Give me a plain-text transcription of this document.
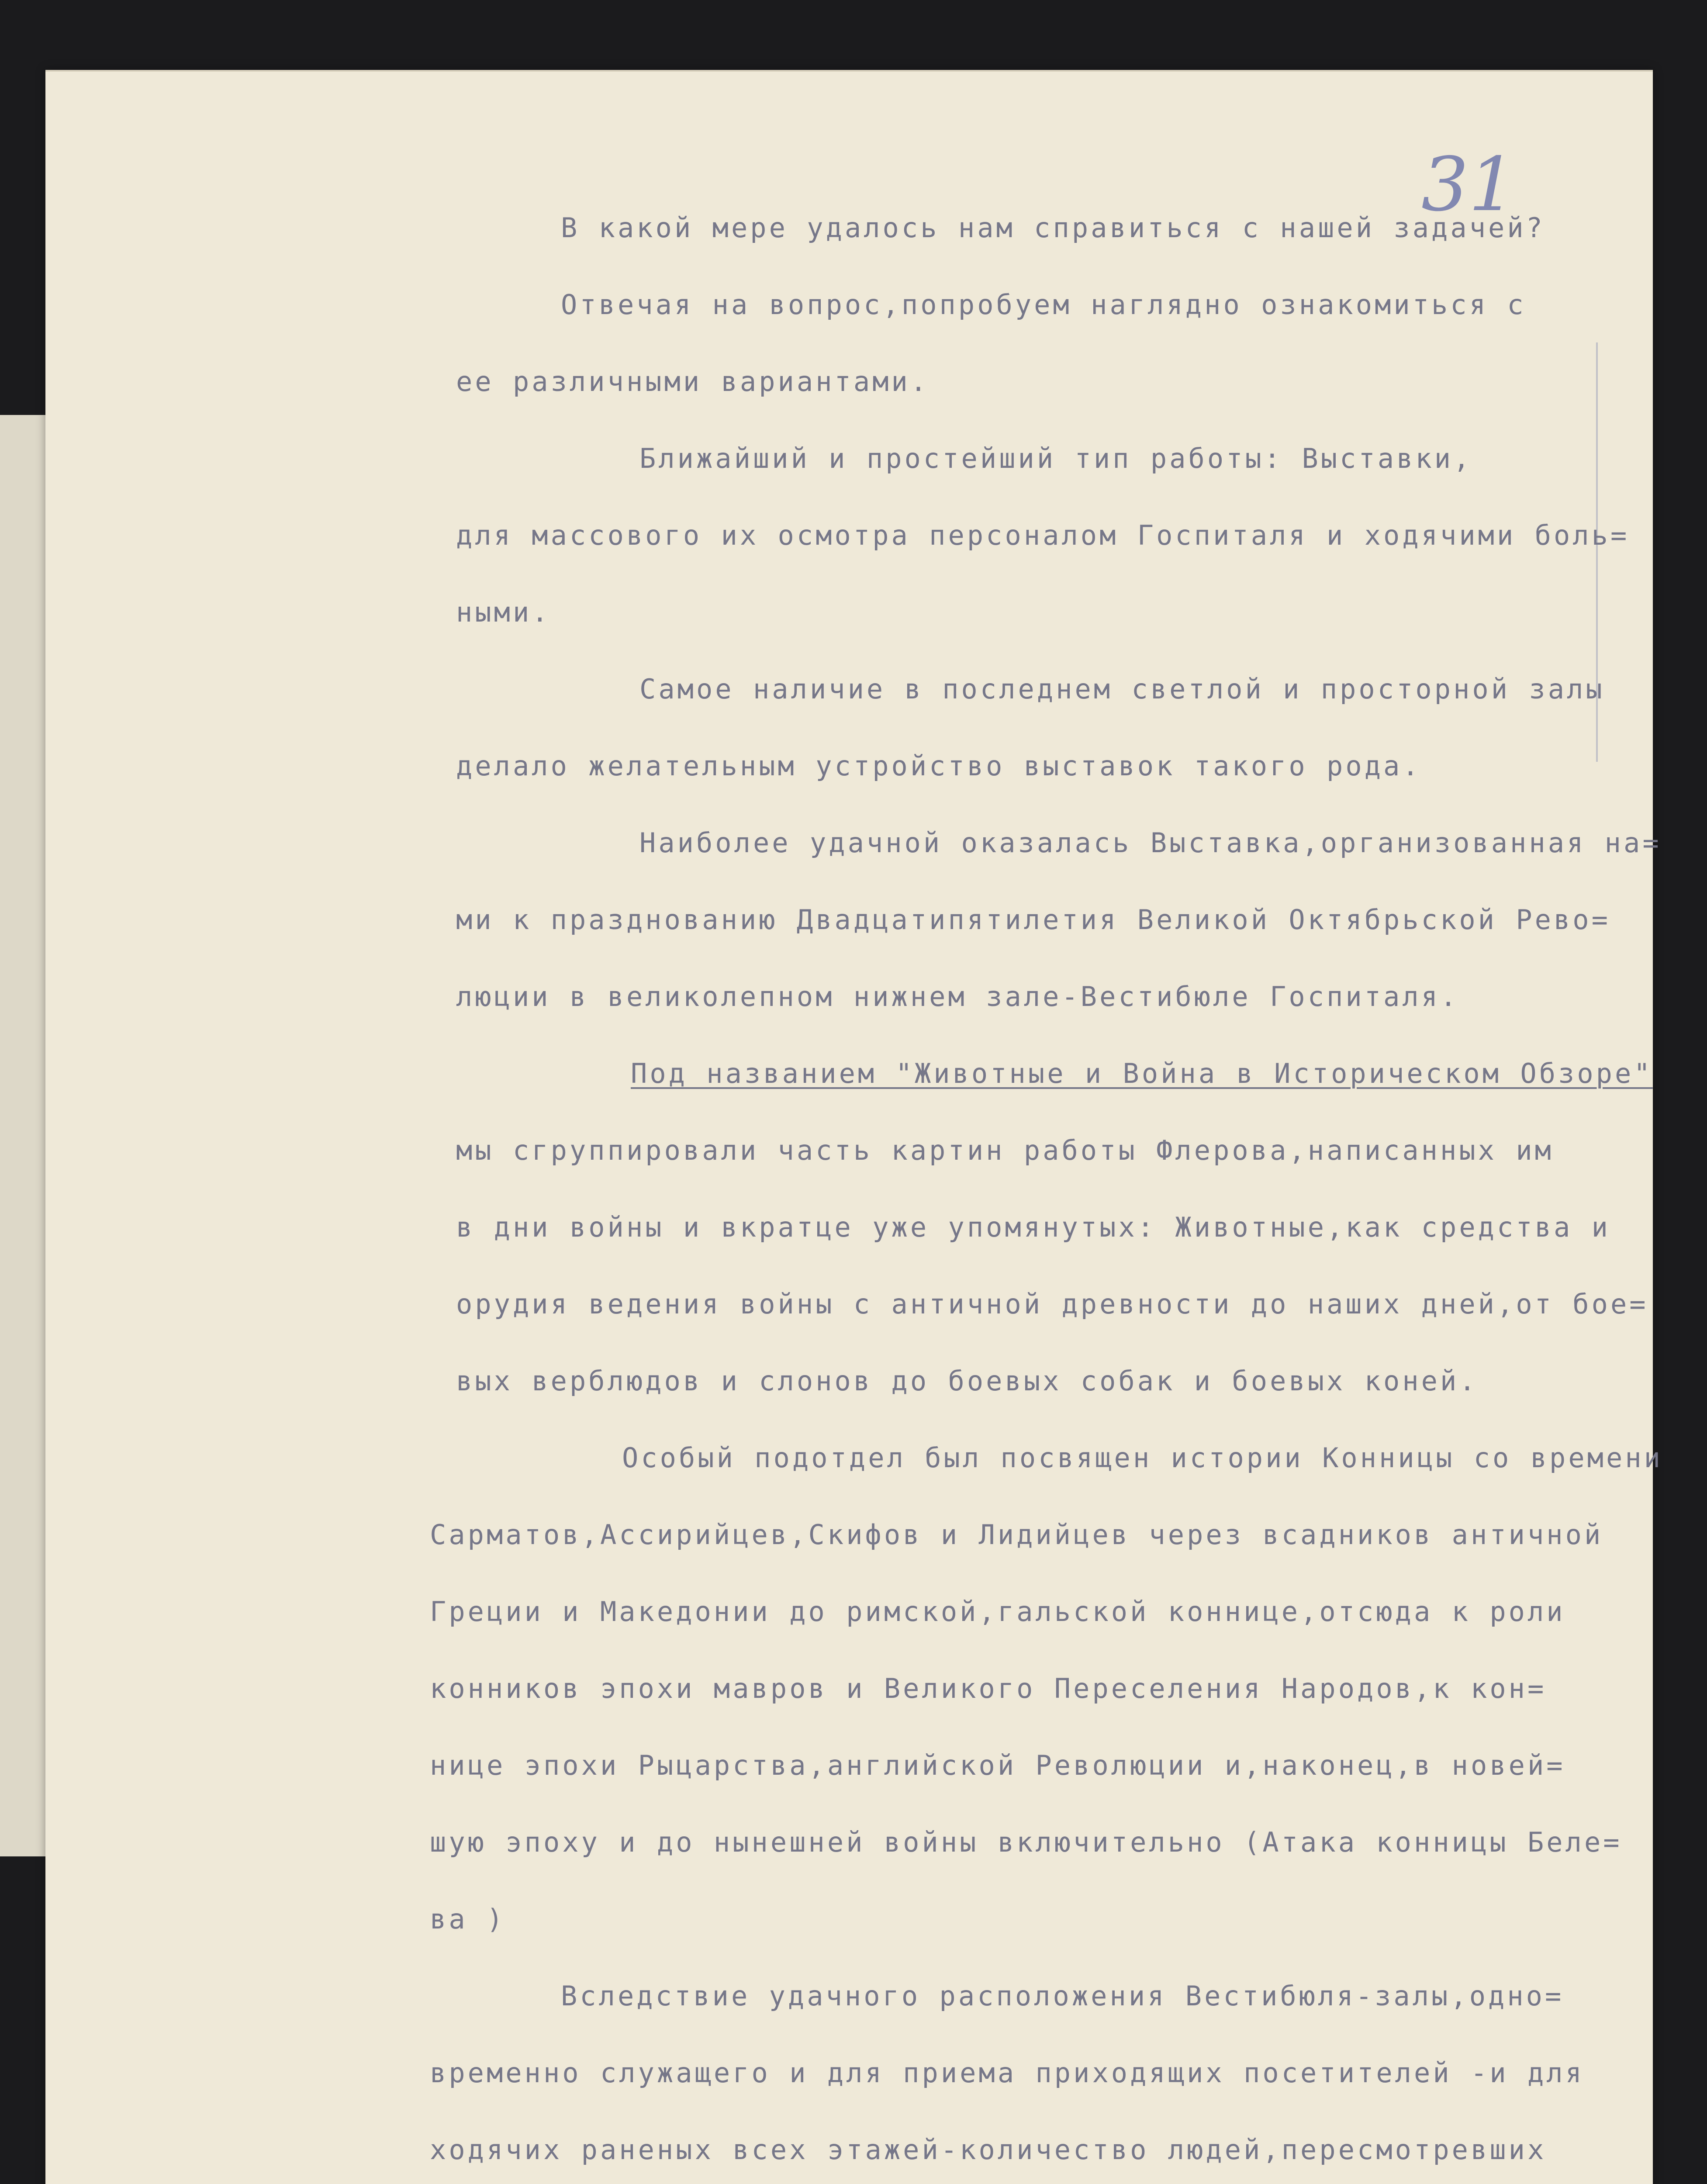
31
В какой мере удалось нам справиться с нашей задачей?
Отвечая на вопрос,попробуем наглядно ознакомиться с
ее различными вариантами.
Ближайший и простейший тип работы: Выставки,
для массового их осмотра персоналом Госпиталя и ходячими боль=
ными.
Самое наличие в последнем светлой и просторной залы
делало желательным устройство выставок такого рода.
Наиболее удачной оказалась Выставка,организованная на=
ми к празднованию Двадцатипятилетия Великой Октябрьской Рево=
люции в великолепном нижнем зале-Вестибюле Госпиталя.
Под названием "Животные и Война в Историческом Обзоре"
мы сгруппировали часть картин работы Флерова,написанных им
в дни войны и вкратце уже упомянутых: Животные,как средства и
орудия ведения войны с античной древности до наших дней,от бое=
вых верблюдов и слонов до боевых собак и боевых коней.
Особый подотдел был посвящен истории Конницы со времени
Сарматов,Ассирийцев,Скифов и Лидийцев через всадников античной
Греции и Македонии до римской,гальской коннице,отсюда к роли
конников эпохи мавров и Великого Переселения Народов,к кон=
нице эпохи Рыцарства,английской Революции и,наконец,в новей=
шую эпоху и до нынешней войны включительно (Атака конницы Беле=
ва )
Вследствие удачного расположения Вестибюля-залы,одно=
временно служащего и для приема приходящих посетителей -и для
ходячих раненых всех этажей-количество людей,пересмотревших
